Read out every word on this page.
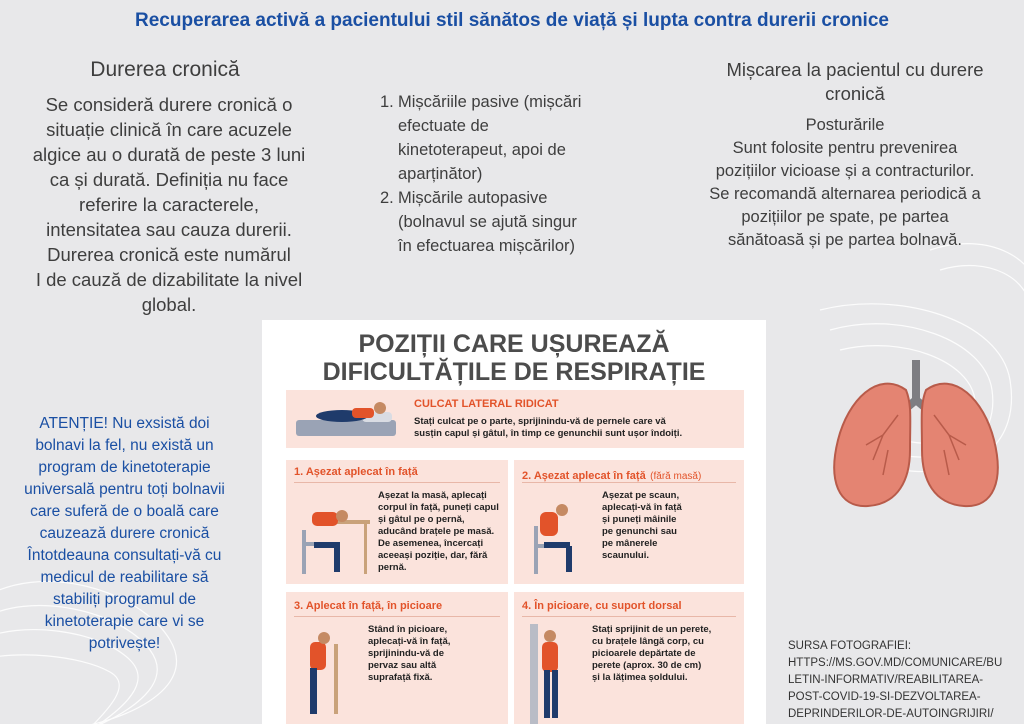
Recuperarea activă a pacientului stil sănătos de viață și lupta contra durerii cronice
Durerea cronică
Se consideră durere cronică o
situație clinică în care acuzele
algice au o durată de peste 3 luni
ca și durată. Definiția nu face
referire la caracterele,
intensitatea sau cauza durerii.
Durerea cronică este numărul
I de cauză de dizabilitate la nivel
global.
1. Mișcăriile pasive (mișcări
efectuate de
kinetoterapeut, apoi de
aparținător)
2. Mișcările autopasive
(bolnavul se ajută singur
în efectuarea mișcărilor)
Mișcarea la pacientul cu durere
cronică
Posturările
Sunt folosite pentru prevenirea
pozițiilor vicioase și a contracturilor.
Se recomandă alternarea periodică a
pozițiilor pe spate, pe partea
sănătoasă și pe partea bolnavă.
ATENȚIE! Nu exsistă doi
bolnavi la fel, nu există un
program de kinetoterapie
universală pentru toți bolnavii
care suferă de o boală care
cauzează durere cronică
Întotdeauna consultați-vă cu
medicul de reabilitare să
stabiliți programul de
kinetoterapie care vi se
potrivește!
POZIȚII CARE UȘUREAZĂ
DIFICULTĂȚILE DE RESPIRAȚIE
CULCAT LATERAL RIDICAT
Stați culcat pe o parte, sprijinindu-vă de pernele care vă
susțin capul și gâtul, în timp ce genunchii sunt ușor îndoiți.
1. Așezat aplecat în față
Așezat la masă, aplecați
corpul în față, puneți capul
și gâtul pe o pernă,
aducând brațele pe masă.
De asemenea, încercați
aceeași poziție, dar, fără
pernă.
2. Așezat aplecat în față (fără masă)
Așezat pe scaun,
aplecați-vă în față
și puneți mâinile
pe genunchi sau
pe mânerele
scaunului.
3. Aplecat în față, în picioare
Stând în picioare,
aplecați-vă în față,
sprijinindu-vă de
pervaz sau altă
suprafață fixă.
4. În picioare, cu suport dorsal
Stați sprijinit de un perete,
cu brațele lângă corp, cu
picioarele depărtate de
perete (aprox. 30 de cm)
și la lățimea șoldului.
SURSA FOTOGRAFIEI:
HTTPS://MS.GOV.MD/COMUNICARE/BU
LETIN-INFORMATIV/REABILITAREA-
POST-COVID-19-SI-DEZVOLTAREA-
DEPRINDERILOR-DE-AUTOINGRIJIRI/
